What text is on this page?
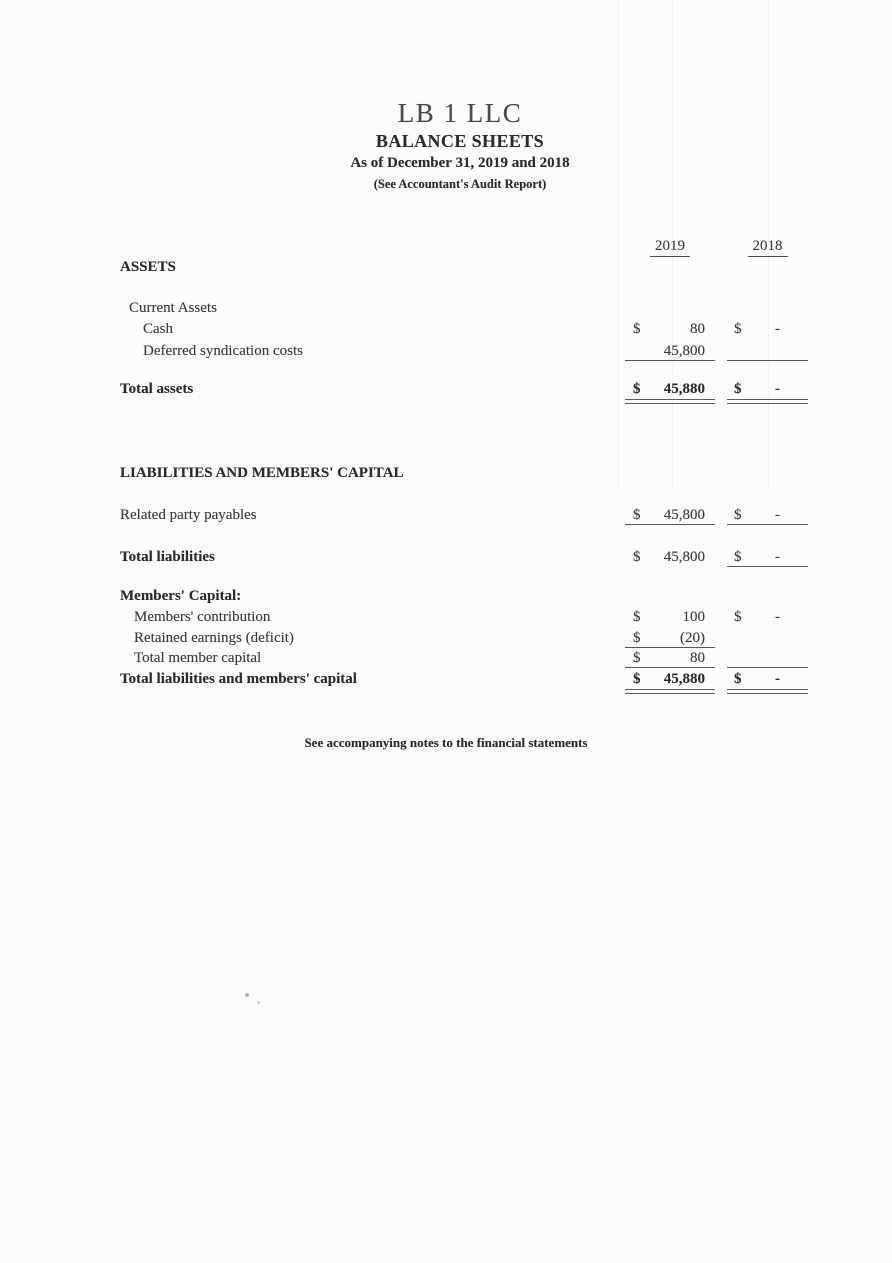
LB 1 LLC
BALANCE SHEETS
As of December 31, 2019 and 2018
(See Accountant's Audit Report)
2019	2018
ASSETS
Current Assets
Cash	$	80 $ -
Deferred syndication costs	45,800
Total assets	$ 45,880 $ -
LIABILITIES AND MEMBERS' CAPITAL
Related party payables	$ 45,800 $ -
Total liabilities	$ 45,800 $ -
Members' Capital:
Members' contribution	$	100 $ -
Retained earnings (deficit)	$	(20)
Total member capital	$	80
Total liabilities and members' capital	$ 45,880 $ -
See accompanying notes to the financial statements
